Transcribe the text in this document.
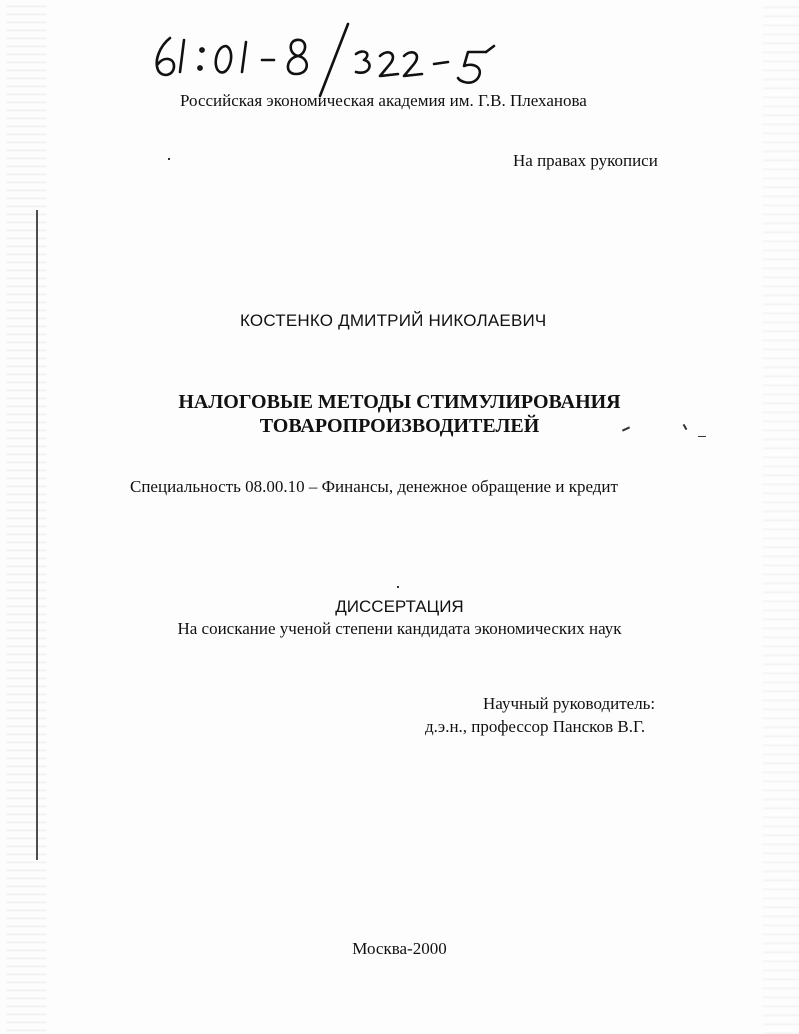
Российская экономическая академия им. Г.В. Плеханова
На правах рукописи
КОСТЕНКО ДМИТРИЙ НИКОЛАЕВИЧ
НАЛОГОВЫЕ МЕТОДЫ СТИМУЛИРОВАНИЯ
ТОВАРОПРОИЗВОДИТЕЛЕЙ
Специальность 08.00.10 – Финансы, денежное обращение и кредит
ДИССЕРТАЦИЯ
На соискание ученой степени кандидата экономических наук
Научный руководитель:
д.э.н., профессор Пансков В.Г.
Москва-2000
